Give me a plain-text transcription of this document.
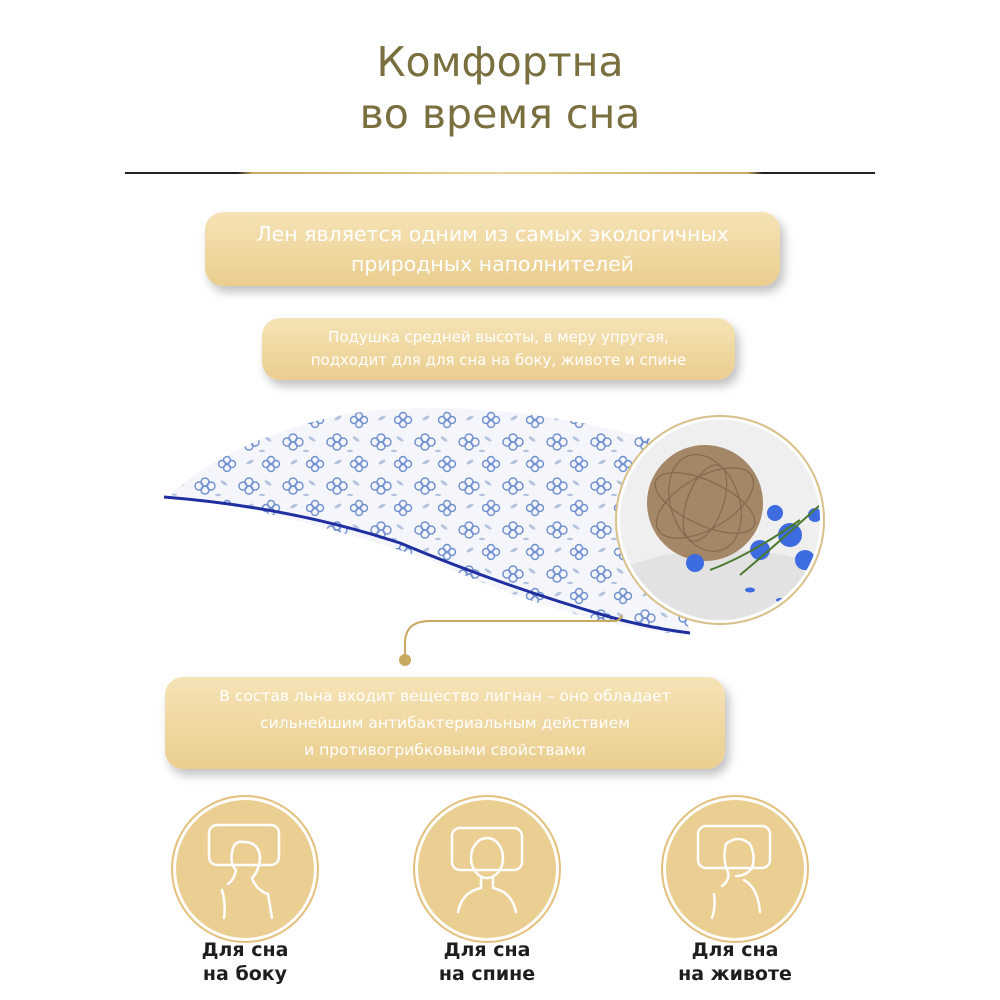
Комфортна
во время сна
Лен является одним из самых экологичных
природных наполнителей
Подушка средней высоты, в меру упругая,
подходит для для сна на боку, животе и спине
В состав льна входит вещество лигнан – оно обладает
сильнейшим антибактериальным действием
и противогрибковыми свойствами
Для сна
на боку
Для сна
на спине
Для сна
на животе
